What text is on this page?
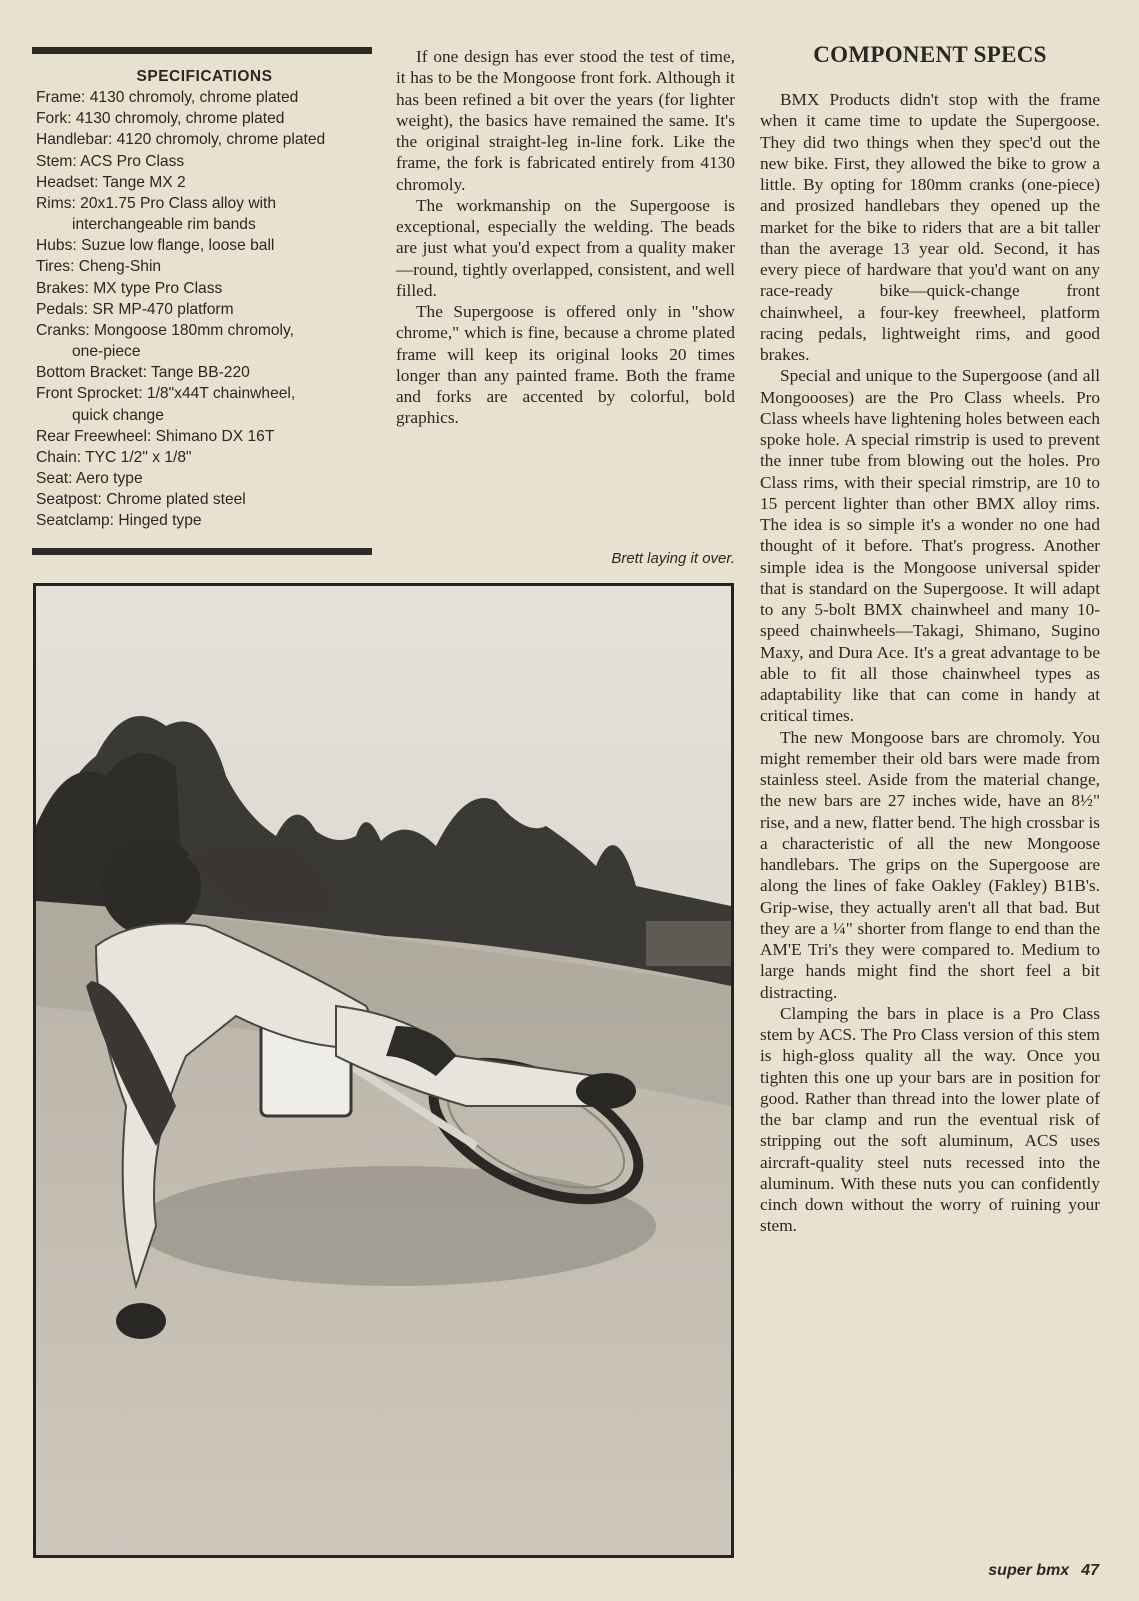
SPECIFICATIONS
Frame: 4130 chromoly, chrome plated
Fork: 4130 chromoly, chrome plated
Handlebar: 4120 chromoly, chrome plated
Stem: ACS Pro Class
Headset: Tange MX 2
Rims: 20x1.75 Pro Class alloy with
interchangeable rim bands
Hubs: Suzue low flange, loose ball
Tires: Cheng-Shin
Brakes: MX type Pro Class
Pedals: SR MP-470 platform
Cranks: Mongoose 180mm chromoly,
one-piece
Bottom Bracket: Tange BB-220
Front Sprocket: 1/8"x44T chainwheel,
quick change
Rear Freewheel: Shimano DX 16T
Chain: TYC 1/2" x 1/8"
Seat: Aero type
Seatpost: Chrome plated steel
Seatclamp: Hinged type

If one design has ever stood the test of time, it has to be the Mongoose front fork. Although it has been refined a bit over the years (for lighter weight), the basics have remained the same. It's the original straight-leg in-line fork. Like the frame, the fork is fabricated entirely from 4130 chromoly.

The workmanship on the Supergoose is exceptional, especially the welding. The beads are just what you'd expect from a quality maker—round, tightly overlapped, consistent, and well filled.

The Supergoose is offered only in "show chrome," which is fine, because a chrome plated frame will keep its original looks 20 times longer than any painted frame. Both the frame and forks are accented by colorful, bold graphics.

Brett laying it over.
COMPONENT SPECS

BMX Products didn't stop with the frame when it came time to update the Supergoose. They did two things when they spec'd out the new bike. First, they allowed the bike to grow a little. By opting for 180mm cranks (one-piece) and prosized handlebars they opened up the market for the bike to riders that are a bit taller than the average 13 year old. Second, it has every piece of hardware that you'd want on any race-ready bike—quick-change front chainwheel, a four-key freewheel, platform racing pedals, lightweight rims, and good brakes.

Special and unique to the Supergoose (and all Mongoooses) are the Pro Class wheels. Pro Class wheels have lightening holes between each spoke hole. A special rimstrip is used to prevent the inner tube from blowing out the holes. Pro Class rims, with their special rimstrip, are 10 to 15 percent lighter than other BMX alloy rims. The idea is so simple it's a wonder no one had thought of it before. That's progress. Another simple idea is the Mongoose universal spider that is standard on the Supergoose. It will adapt to any 5-bolt BMX chainwheel and many 10-speed chainwheels—Takagi, Shimano, Sugino Maxy, and Dura Ace. It's a great advantage to be able to fit all those chainwheel types as adaptability like that can come in handy at critical times.

The new Mongoose bars are chromoly. You might remember their old bars were made from stainless steel. Aside from the material change, the new bars are 27 inches wide, have an 8½" rise, and a new, flatter bend. The high crossbar is a characteristic of all the new Mongoose handlebars. The grips on the Supergoose are along the lines of fake Oakley (Fakley) B1B's. Grip-wise, they actually aren't all that bad. But they are a ¼" shorter from flange to end than the AM'E Tri's they were compared to. Medium to large hands might find the short feel a bit distracting.

Clamping the bars in place is a Pro Class stem by ACS. The Pro Class version of this stem is high-gloss quality all the way. Once you tighten this one up your bars are in position for good. Rather than thread into the lower plate of the bar clamp and run the eventual risk of stripping out the soft aluminum, ACS uses aircraft-quality steel nuts recessed into the aluminum. With these nuts you can confidently cinch down without the worry of ruining your stem.

super bmx 47
